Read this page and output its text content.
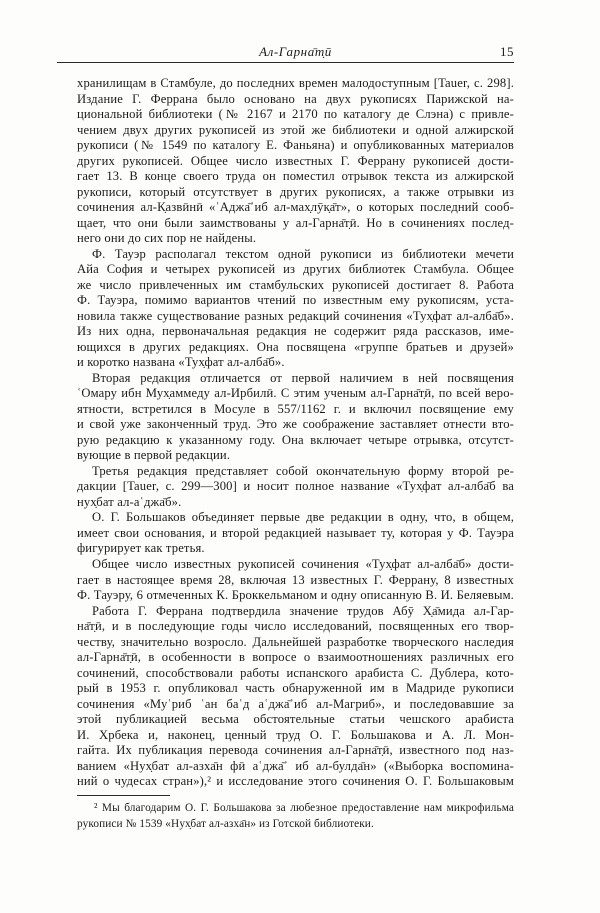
Ал-Гарна̄т̣ӣ	15
хранилищам в Стамбуле, до последних времен малодоступным [Tauer, с. 298].
Издание Г. Феррана было основано на двух рукописях Парижской на-
циональной библиотеки (№ 2167 и 2170 по каталогу де Слэна) с привле-
чением двух других рукописей из этой же библиотеки и одной алжирской
рукописи (№ 1549 по каталогу Е. Фаньяна) и опубликованных материалов
других рукописей. Общее число известных Г. Феррану рукописей дости-
гает 13. В конце своего труда он поместил отрывок текста из алжирской
рукописи, который отсутствует в других рукописях, а также отрывки из
сочинения ал-К̣азвӣнӣ «ʿАджа̄ʾиб ал-мах̣лӯк̣а̄т», о которых последний сооб-
щает, что они были заимствованы у ал-Гарна̄т̣ӣ. Но в сочинениях послед-
него они до сих пор не найдены.
Ф. Тауэр располагал текстом одной рукописи из библиотеки мечети
Айа София и четырех рукописей из других библиотек Стамбула. Общее
же число привлеченных им стамбульских рукописей достигает 8. Работа
Ф. Тауэра, помимо вариантов чтений по известным ему рукописям, уста-
новила также существование разных редакций сочинения «Тух̣фат ал-алба̄б».
Из них одна, первоначальная редакция не содержит ряда рассказов, име-
ющихся в других редакциях. Она посвящена «группе братьев и друзей»
и коротко названа «Тух̣фат ал-алба̄б».
Вторая редакция отличается от первой наличием в ней посвящения
ʿОмару ибн Мух̣аммеду ал-Ирбилӣ. С этим ученым ал-Гарна̄т̣ӣ, по всей веро-
ятности, встретился в Мосуле в 557/1162 г. и включил посвящение ему
и свой уже законченный труд. Это же соображение заставляет отнести вто-
рую редакцию к указанному году. Она включает четыре отрывка, отсутст-
вующие в первой редакции.
Третья редакция представляет собой окончательную форму второй ре-
дакции [Tauer, с. 299—300] и носит полное название «Тух̣фат ал-алба̄б ва
нух̣бат ал-аʿджа̄б».
О. Г. Большаков объединяет первые две редакции в одну, что, в общем,
имеет свои основания, и второй редакцией называет ту, которая у Ф. Тауэра
фигурирует как третья.
Общее число известных рукописей сочинения «Тух̣фат ал-алба̄б» дости-
гает в настоящее время 28, включая 13 известных Г. Феррану, 8 известных
Ф. Тауэру, 6 отмеченных К. Броккельманом и одну описанную В. И. Беляевым.
Работа Г. Феррана подтвердила значение трудов Абӯ Х̣а̄мида ал-Гар-
на̄т̣ӣ, и в последующие годы число исследований, посвященных его твор-
честву, значительно возросло. Дальнейшей разработке творческого наследия
ал-Гарна̄т̣ӣ, в особенности в вопросе о взаимоотношениях различных его
сочинений, способствовали работы испанского арабиста С. Дублера, кото-
рый в 1953 г. опубликовал часть обнаруженной им в Мадриде рукописи
сочинения «Муʿриб ʿан баʿд аʿджа̄ʾиб ал-Магриб», и последовавшие за
этой публикацией весьма обстоятельные статьи чешского арабиста
И. Хрбека и, наконец, ценный труд О. Г. Большакова и А. Л. Мон-
гайта. Их публикация перевода сочинения ал-Гарна̄т̣ӣ, известного под наз-
ванием «Нух̣бат ал-азха̄н фӣ аʿджа̄ʾ иб ал-булда̄н» («Выборка воспомина-
ний о чудесах стран»),² и исследование этого сочинения О. Г. Большаковым
² Мы благодарим О. Г. Большакова за любезное предоставление нам микрофильма
рукописи № 1539 «Нух̣бат ал-азха̄н» из Готской библиотеки.
